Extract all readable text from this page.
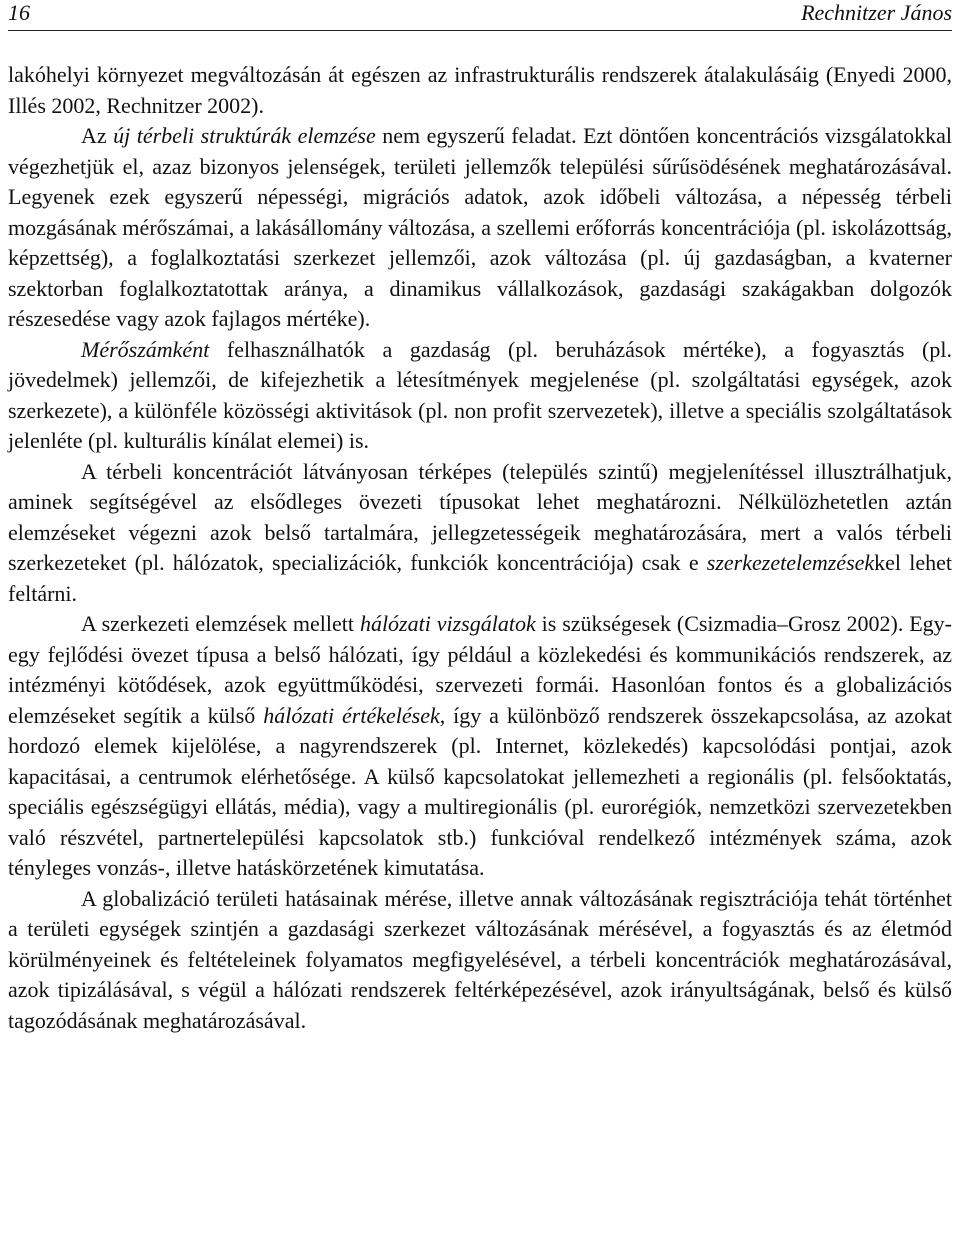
16	Rechnitzer János

lakóhelyi környezet megváltozásán át egészen az infrastrukturális rendszerek átalakulásáig (Enyedi 2000, Illés 2002, Rechnitzer 2002).

Az új térbeli struktúrák elemzése nem egyszerű feladat. Ezt döntően koncentrációs vizsgálatokkal végezhetjük el, azaz bizonyos jelenségek, területi jellemzők települési sűrűsödésének meghatározásával. Legyenek ezek egyszerű népességi, migrációs adatok, azok időbeli változása, a népesség térbeli mozgásának mérőszámai, a lakásállomány változása, a szellemi erőforrás koncentrációja (pl. iskolázottság, képzettség), a foglalkoztatási szerkezet jellemzői, azok változása (pl. új gazdaságban, a kvaterner szektorban foglalkoztatottak aránya, a dinamikus vállalkozások, gazdasági szakágakban dolgozók részesedése vagy azok fajlagos mértéke).

Mérőszámként felhasználhatók a gazdaság (pl. beruházások mértéke), a fogyasztás (pl. jövedelmek) jellemzői, de kifejezhetik a létesítmények megjelenése (pl. szolgáltatási egységek, azok szerkezete), a különféle közösségi aktivitások (pl. non profit szervezetek), illetve a speciális szolgáltatások jelenléte (pl. kulturális kínálat elemei) is.

A térbeli koncentrációt látványosan térképes (település szintű) megjelenítéssel illusztrálhatjuk, aminek segítségével az elsődleges övezeti típusokat lehet meghatározni. Nélkülözhetetlen aztán elemzéseket végezni azok belső tartalmára, jellegzetességeik meghatározására, mert a valós térbeli szerkezeteket (pl. hálózatok, specializációk, funkciók koncentrációja) csak e szerkezetelemzésekkel lehet feltárni.

A szerkezeti elemzések mellett hálózati vizsgálatok is szükségesek (Csizmadia–Grosz 2002). Egy-egy fejlődési övezet típusa a belső hálózati, így például a közlekedési és kommunikációs rendszerek, az intézményi kötődések, azok együttműködési, szervezeti formái. Hasonlóan fontos és a globalizációs elemzéseket segítik a külső hálózati értékelések, így a különböző rendszerek összekapcsolása, az azokat hordozó elemek kijelölése, a nagyrendszerek (pl. Internet, közlekedés) kapcsolódási pontjai, azok kapacitásai, a centrumok elérhetősége. A külső kapcsolatokat jellemezheti a regionális (pl. felsőoktatás, speciális egészségügyi ellátás, média), vagy a multiregionális (pl. eurorégiók, nemzetközi szervezetekben való részvétel, partnertelepülési kapcsolatok stb.) funkcióval rendelkező intézmények száma, azok tényleges vonzás-, illetve hatáskörzetének kimutatása.

A globalizáció területi hatásainak mérése, illetve annak változásának regisztrációja tehát történhet a területi egységek szintjén a gazdasági szerkezet változásának mérésével, a fogyasztás és az életmód körülményeinek és feltételeinek folyamatos megfigyelésével, a térbeli koncentrációk meghatározásával, azok tipizálásával, s végül a hálózati rendszerek feltérképezésével, azok irányultságának, belső és külső tagozódásának meghatározásával.
